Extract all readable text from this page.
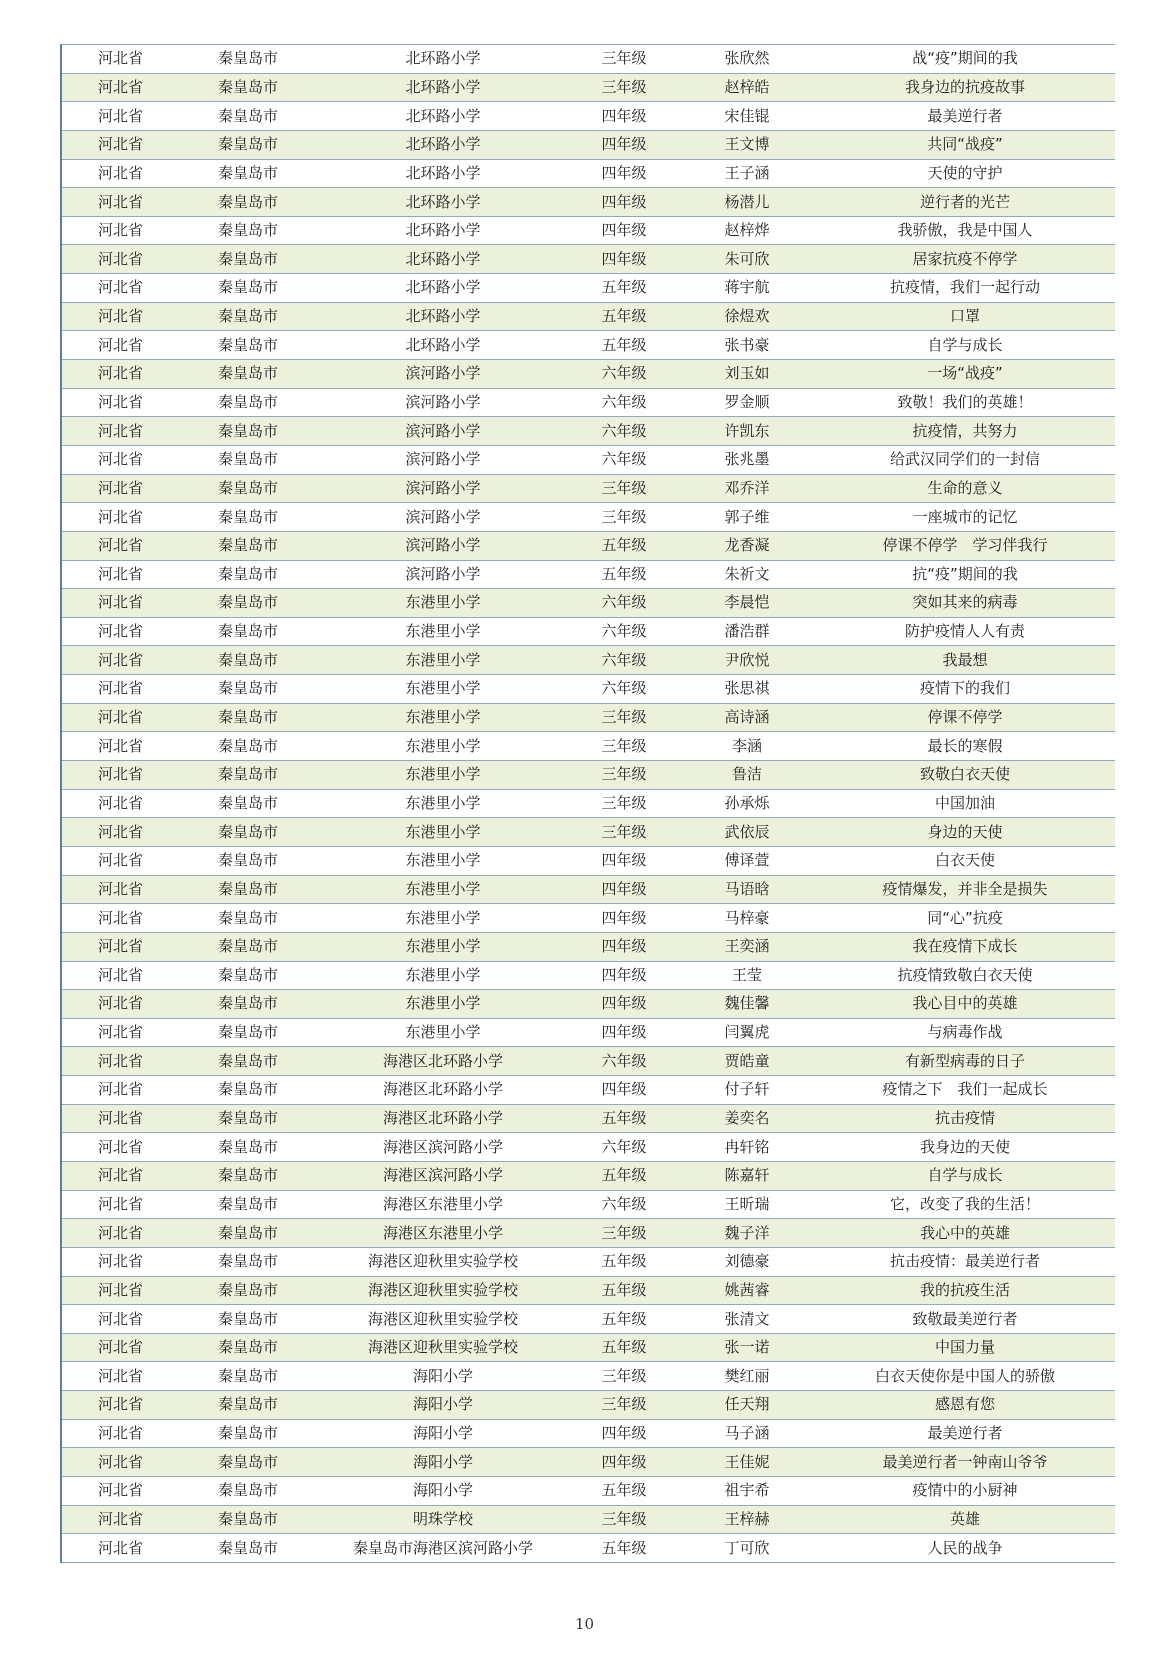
河北省	秦皇岛市	北环路小学	三年级	张欣然	战“疫”期间的我
河北省	秦皇岛市	北环路小学	三年级	赵梓皓	我身边的抗疫故事
河北省	秦皇岛市	北环路小学	四年级	宋佳锟	最美逆行者
河北省	秦皇岛市	北环路小学	四年级	王文博	共同“战疫”
河北省	秦皇岛市	北环路小学	四年级	王子涵	天使的守护
河北省	秦皇岛市	北环路小学	四年级	杨潜儿	逆行者的光芒
河北省	秦皇岛市	北环路小学	四年级	赵梓烨	我骄傲，我是中国人
河北省	秦皇岛市	北环路小学	四年级	朱可欣	居家抗疫不停学
河北省	秦皇岛市	北环路小学	五年级	蒋宇航	抗疫情，我们一起行动
河北省	秦皇岛市	北环路小学	五年级	徐煜欢	口罩
河北省	秦皇岛市	北环路小学	五年级	张书豪	自学与成长
河北省	秦皇岛市	滨河路小学	六年级	刘玉如	一场“战疫”
河北省	秦皇岛市	滨河路小学	六年级	罗金顺	致敬！我们的英雄！
河北省	秦皇岛市	滨河路小学	六年级	许凯东	抗疫情，共努力
河北省	秦皇岛市	滨河路小学	六年级	张兆墨	给武汉同学们的一封信
河北省	秦皇岛市	滨河路小学	三年级	邓乔洋	生命的意义
河北省	秦皇岛市	滨河路小学	三年级	郭子维	一座城市的记忆
河北省	秦皇岛市	滨河路小学	五年级	龙香凝	停课不停学　学习伴我行
河北省	秦皇岛市	滨河路小学	五年级	朱祈文	抗“疫”期间的我
河北省	秦皇岛市	东港里小学	六年级	李晨恺	突如其来的病毒
河北省	秦皇岛市	东港里小学	六年级	潘浩群	防护疫情人人有责
河北省	秦皇岛市	东港里小学	六年级	尹欣悦	我最想
河北省	秦皇岛市	东港里小学	六年级	张思祺	疫情下的我们
河北省	秦皇岛市	东港里小学	三年级	高诗涵	停课不停学
河北省	秦皇岛市	东港里小学	三年级	李涵	最长的寒假
河北省	秦皇岛市	东港里小学	三年级	鲁洁	致敬白衣天使
河北省	秦皇岛市	东港里小学	三年级	孙承烁	中国加油
河北省	秦皇岛市	东港里小学	三年级	武依辰	身边的天使
河北省	秦皇岛市	东港里小学	四年级	傅译萱	白衣天使
河北省	秦皇岛市	东港里小学	四年级	马语晗	疫情爆发，并非全是损失
河北省	秦皇岛市	东港里小学	四年级	马梓豪	同“心”抗疫
河北省	秦皇岛市	东港里小学	四年级	王奕涵	我在疫情下成长
河北省	秦皇岛市	东港里小学	四年级	王莹	抗疫情致敬白衣天使
河北省	秦皇岛市	东港里小学	四年级	魏佳馨	我心目中的英雄
河北省	秦皇岛市	东港里小学	四年级	闫翼虎	与病毒作战
河北省	秦皇岛市	海港区北环路小学	六年级	贾皓童	有新型病毒的日子
河北省	秦皇岛市	海港区北环路小学	四年级	付子轩	疫情之下　我们一起成长
河北省	秦皇岛市	海港区北环路小学	五年级	姜奕名	抗击疫情
河北省	秦皇岛市	海港区滨河路小学	六年级	冉轩铭	我身边的天使
河北省	秦皇岛市	海港区滨河路小学	五年级	陈嘉轩	自学与成长
河北省	秦皇岛市	海港区东港里小学	六年级	王昕瑞	它，改变了我的生活！
河北省	秦皇岛市	海港区东港里小学	三年级	魏子洋	我心中的英雄
河北省	秦皇岛市	海港区迎秋里实验学校	五年级	刘德豪	抗击疫情：最美逆行者
河北省	秦皇岛市	海港区迎秋里实验学校	五年级	姚茜睿	我的抗疫生活
河北省	秦皇岛市	海港区迎秋里实验学校	五年级	张清文	致敬最美逆行者
河北省	秦皇岛市	海港区迎秋里实验学校	五年级	张一诺	中国力量
河北省	秦皇岛市	海阳小学	三年级	樊红丽	白衣天使你是中国人的骄傲
河北省	秦皇岛市	海阳小学	三年级	任天翔	感恩有您
河北省	秦皇岛市	海阳小学	四年级	马子涵	最美逆行者
河北省	秦皇岛市	海阳小学	四年级	王佳妮	最美逆行者一钟南山爷爷
河北省	秦皇岛市	海阳小学	五年级	祖宇希	疫情中的小厨神
河北省	秦皇岛市	明珠学校	三年级	王梓赫	英雄
河北省	秦皇岛市	秦皇岛市海港区滨河路小学	五年级	丁可欣	人民的战争
10
